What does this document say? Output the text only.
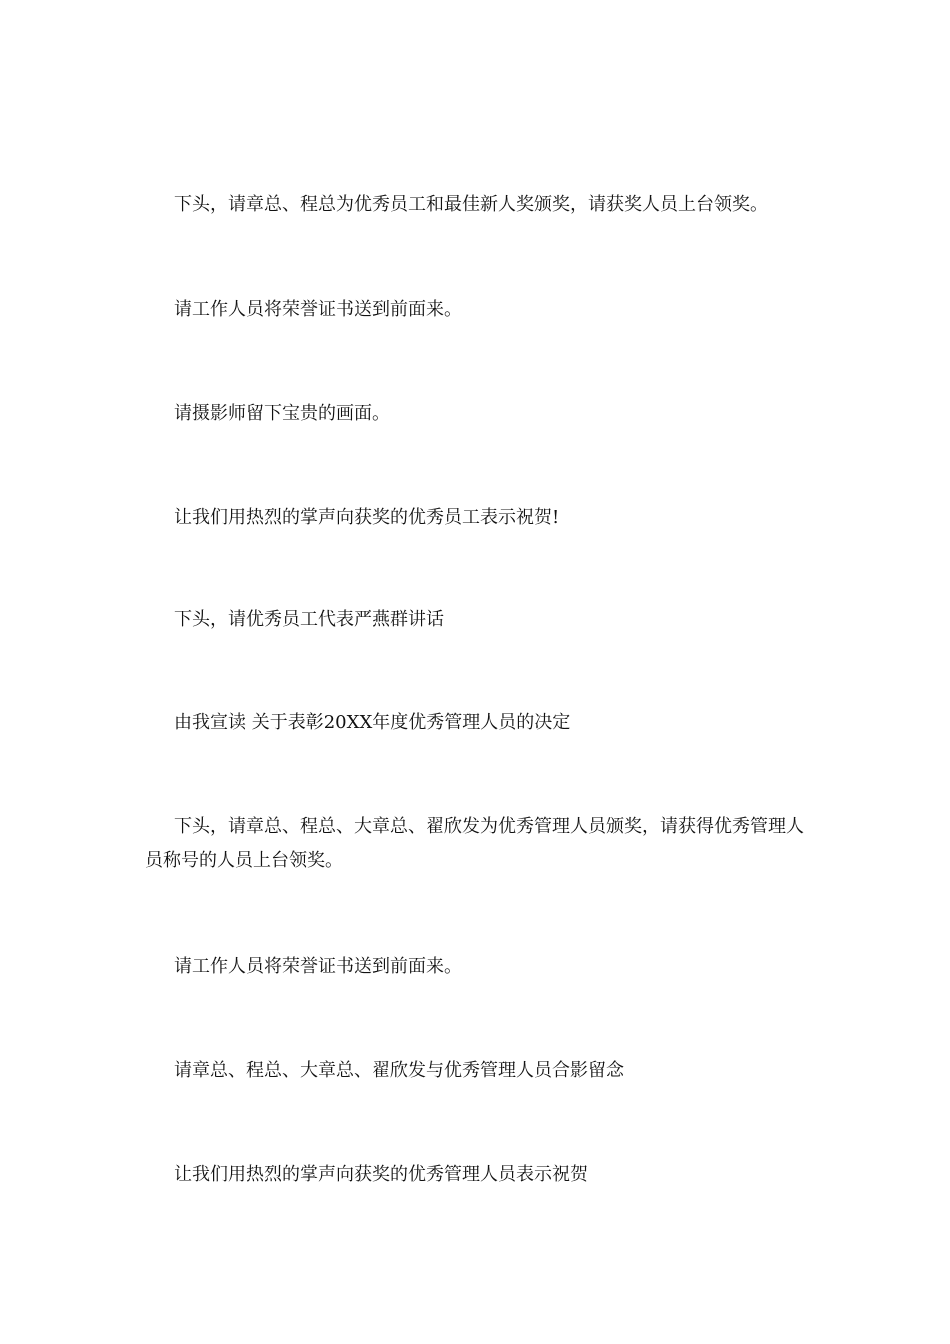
下头，请章总、程总为优秀员工和最佳新人奖颁奖，请获奖人员上台领奖。

请工作人员将荣誉证书送到前面来。

请摄影师留下宝贵的画面。

让我们用热烈的掌声向获奖的优秀员工表示祝贺!

下头，请优秀员工代表严燕群讲话

由我宣读 关于表彰20XX年度优秀管理人员的决定

下头，请章总、程总、大章总、翟欣发为优秀管理人员颁奖，请获得优秀管理人员称号的人员上台领奖。

请工作人员将荣誉证书送到前面来。

请章总、程总、大章总、翟欣发与优秀管理人员合影留念

让我们用热烈的掌声向获奖的优秀管理人员表示祝贺
